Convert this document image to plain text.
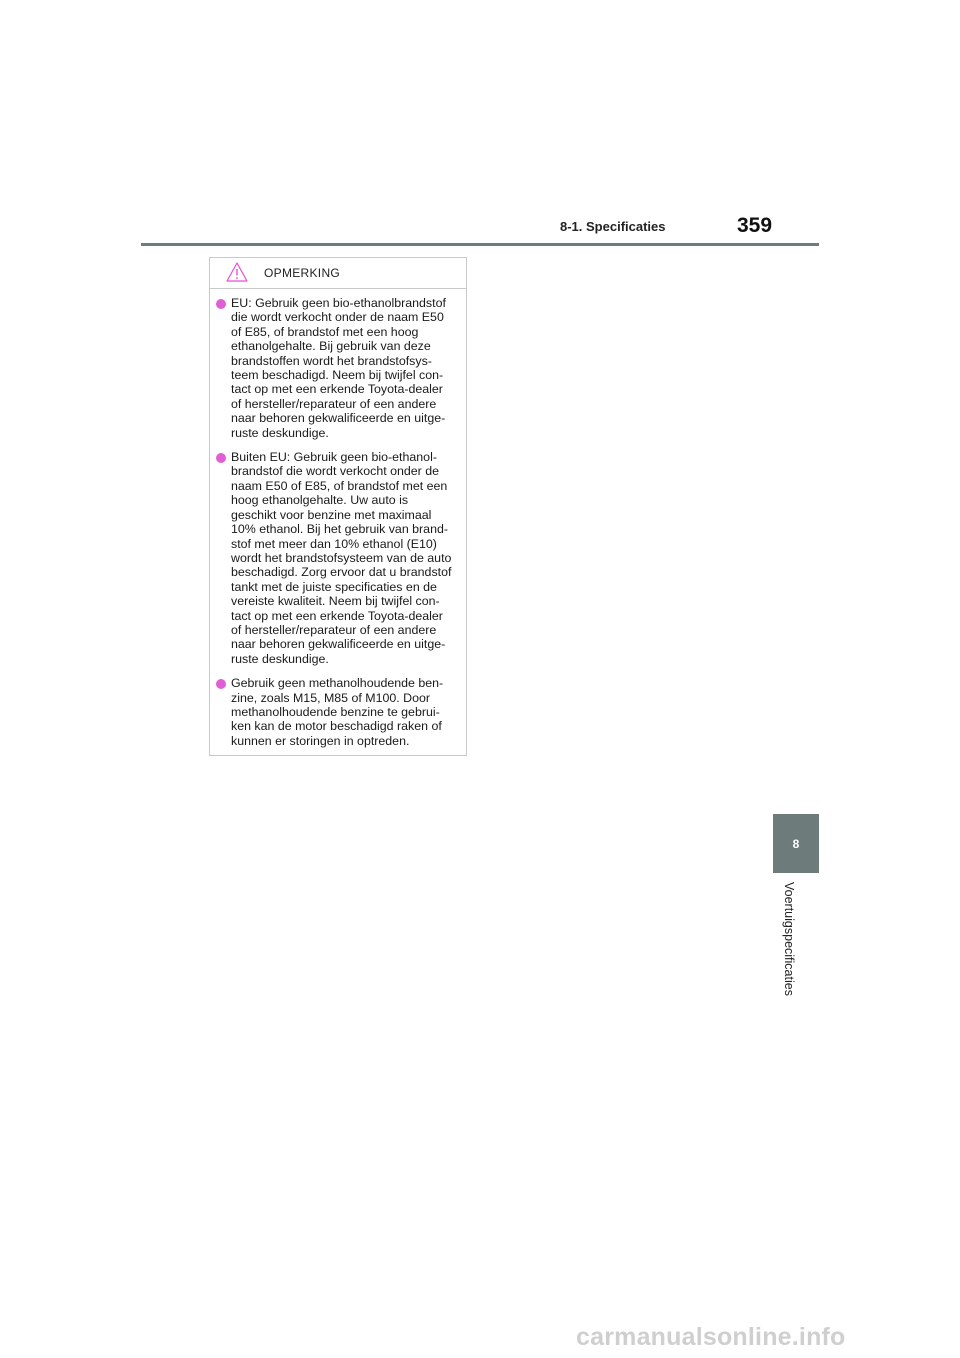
8-1. Specificaties	359
OPMERKING

EU: Gebruik geen bio-ethanolbrandstof
die wordt verkocht onder de naam E50
of E85, of brandstof met een hoog
ethanolgehalte. Bij gebruik van deze
brandstoffen wordt het brandstofsys-
teem beschadigd. Neem bij twijfel con-
tact op met een erkende Toyota-dealer
of hersteller/reparateur of een andere
naar behoren gekwalificeerde en uitge-
ruste deskundige.

Buiten EU: Gebruik geen bio-ethanol-
brandstof die wordt verkocht onder de
naam E50 of E85, of brandstof met een
hoog ethanolgehalte. Uw auto is
geschikt voor benzine met maximaal
10% ethanol. Bij het gebruik van brand-
stof met meer dan 10% ethanol (E10)
wordt het brandstofsysteem van de auto
beschadigd. Zorg ervoor dat u brandstof
tankt met de juiste specificaties en de
vereiste kwaliteit. Neem bij twijfel con-
tact op met een erkende Toyota-dealer
of hersteller/reparateur of een andere
naar behoren gekwalificeerde en uitge-
ruste deskundige.

Gebruik geen methanolhoudende ben-
zine, zoals M15, M85 of M100. Door
methanolhoudende benzine te gebrui-
ken kan de motor beschadigd raken of
kunnen er storingen in optreden.

8
Voertuigspecificaties
carmanualsonline.info
